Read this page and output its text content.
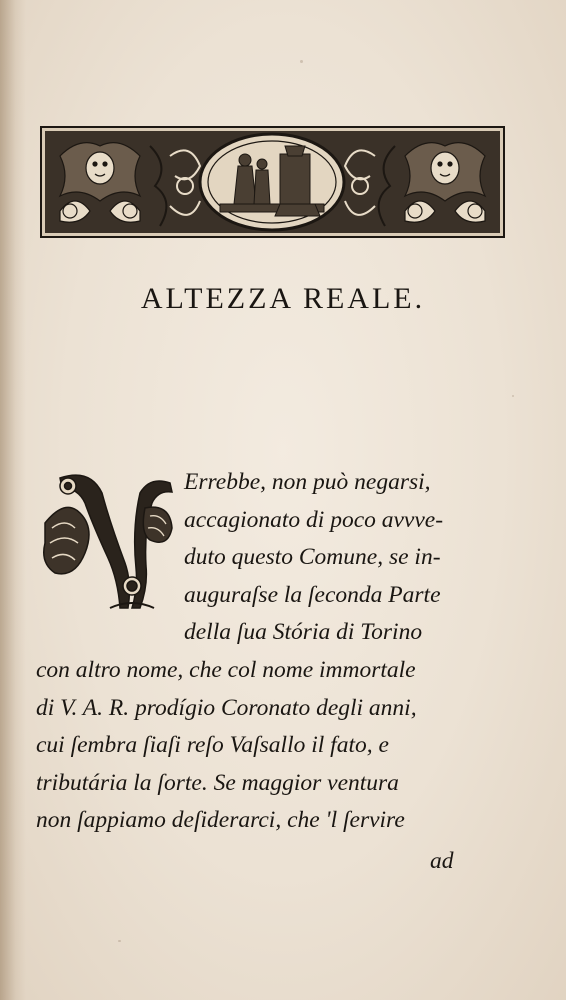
ALTEZZA REALE.
Errebbe, non può negarsi,
accagionato di poco avvve-
duto questo Comune, se in-
auguraſse la ſeconda Parte
della ſua Stória di Torino
con altro nome, che col nome immortale
di V. A. R. prodígio Coronato degli anni,
cui ſembra ſiaſi reſo Vaſsallo il fato, e
tributária la ſorte. Se maggior ventura
non ſappiamo deſiderarci, che 'l ſervire
ad
